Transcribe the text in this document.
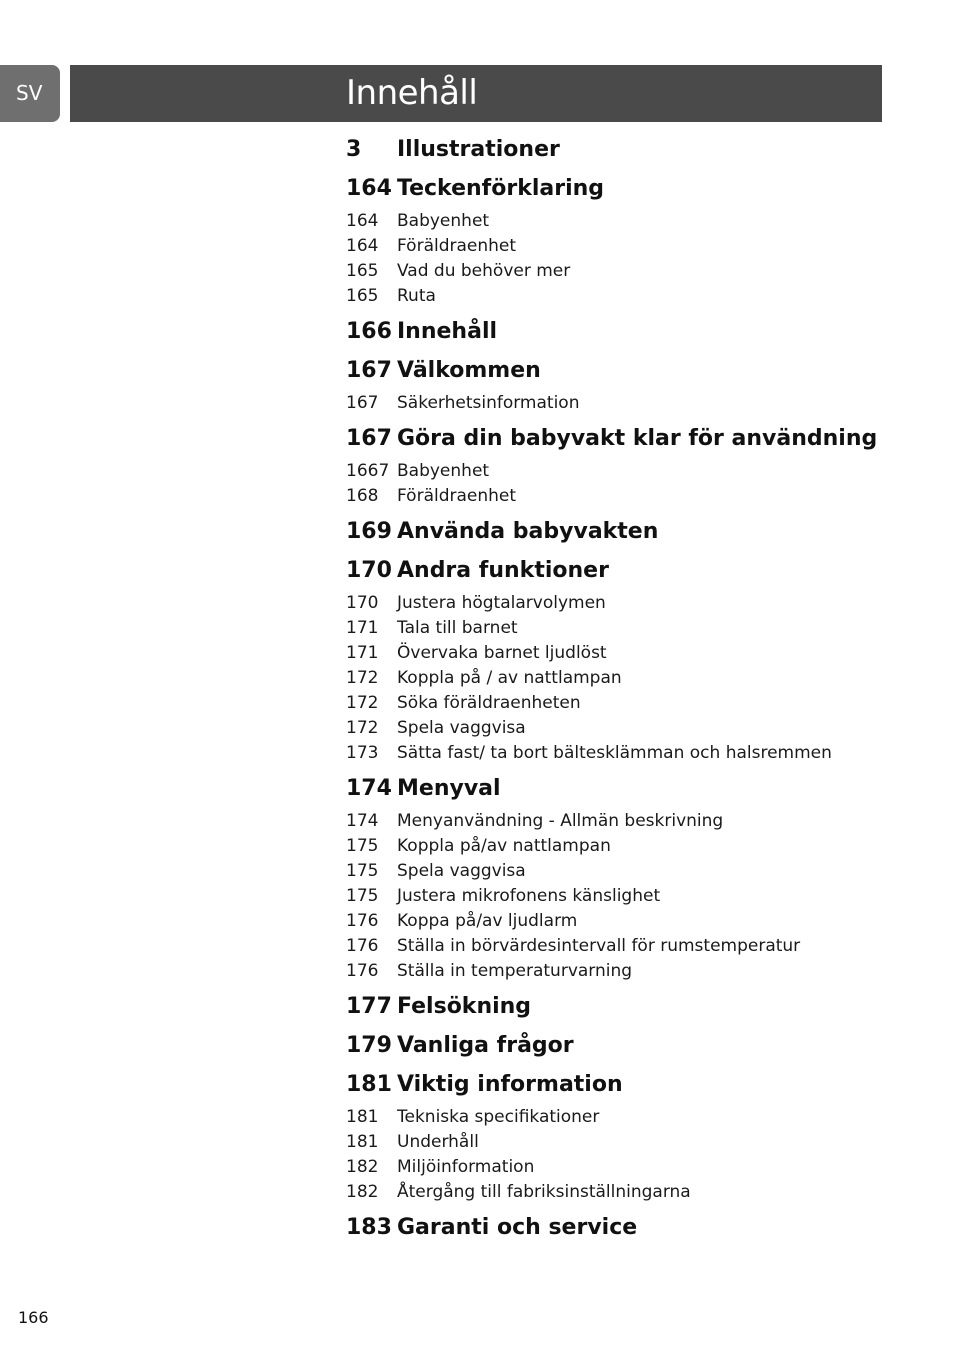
SV	Innehåll
3	Illustrationer
164 Teckenförklaring
164	Babyenhet
164	Föräldraenhet
165	Vad du behöver mer
165	Ruta
166 Innehåll
167 Välkommen
167	Säkerhetsinformation
167 Göra din babyvakt klar för användning
1667 Babyenhet
168	Föräldraenhet
169 Använda babyvakten
170 Andra funktioner
170	Justera högtalarvolymen
171	Tala till barnet
171	Övervaka barnet ljudlöst
172	Koppla på / av nattlampan
172	Söka föräldraenheten
172	Spela vaggvisa
173	Sätta fast/ ta bort bältesklämman och halsremmen
174 Menyval
174	Menyanvändning - Allmän beskrivning
175	Koppla på/av nattlampan
175	Spela vaggvisa
175	Justera mikrofonens känslighet
176	Koppa på/av ljudlarm
176	Ställa in börvärdesintervall för rumstemperatur
176	Ställa in temperaturvarning
177 Felsökning
179 Vanliga frågor
181 Viktig information
181	Tekniska specifikationer
181	Underhåll
182	Miljöinformation
182	Återgång till fabriksinställningarna
183 Garanti och service
166
